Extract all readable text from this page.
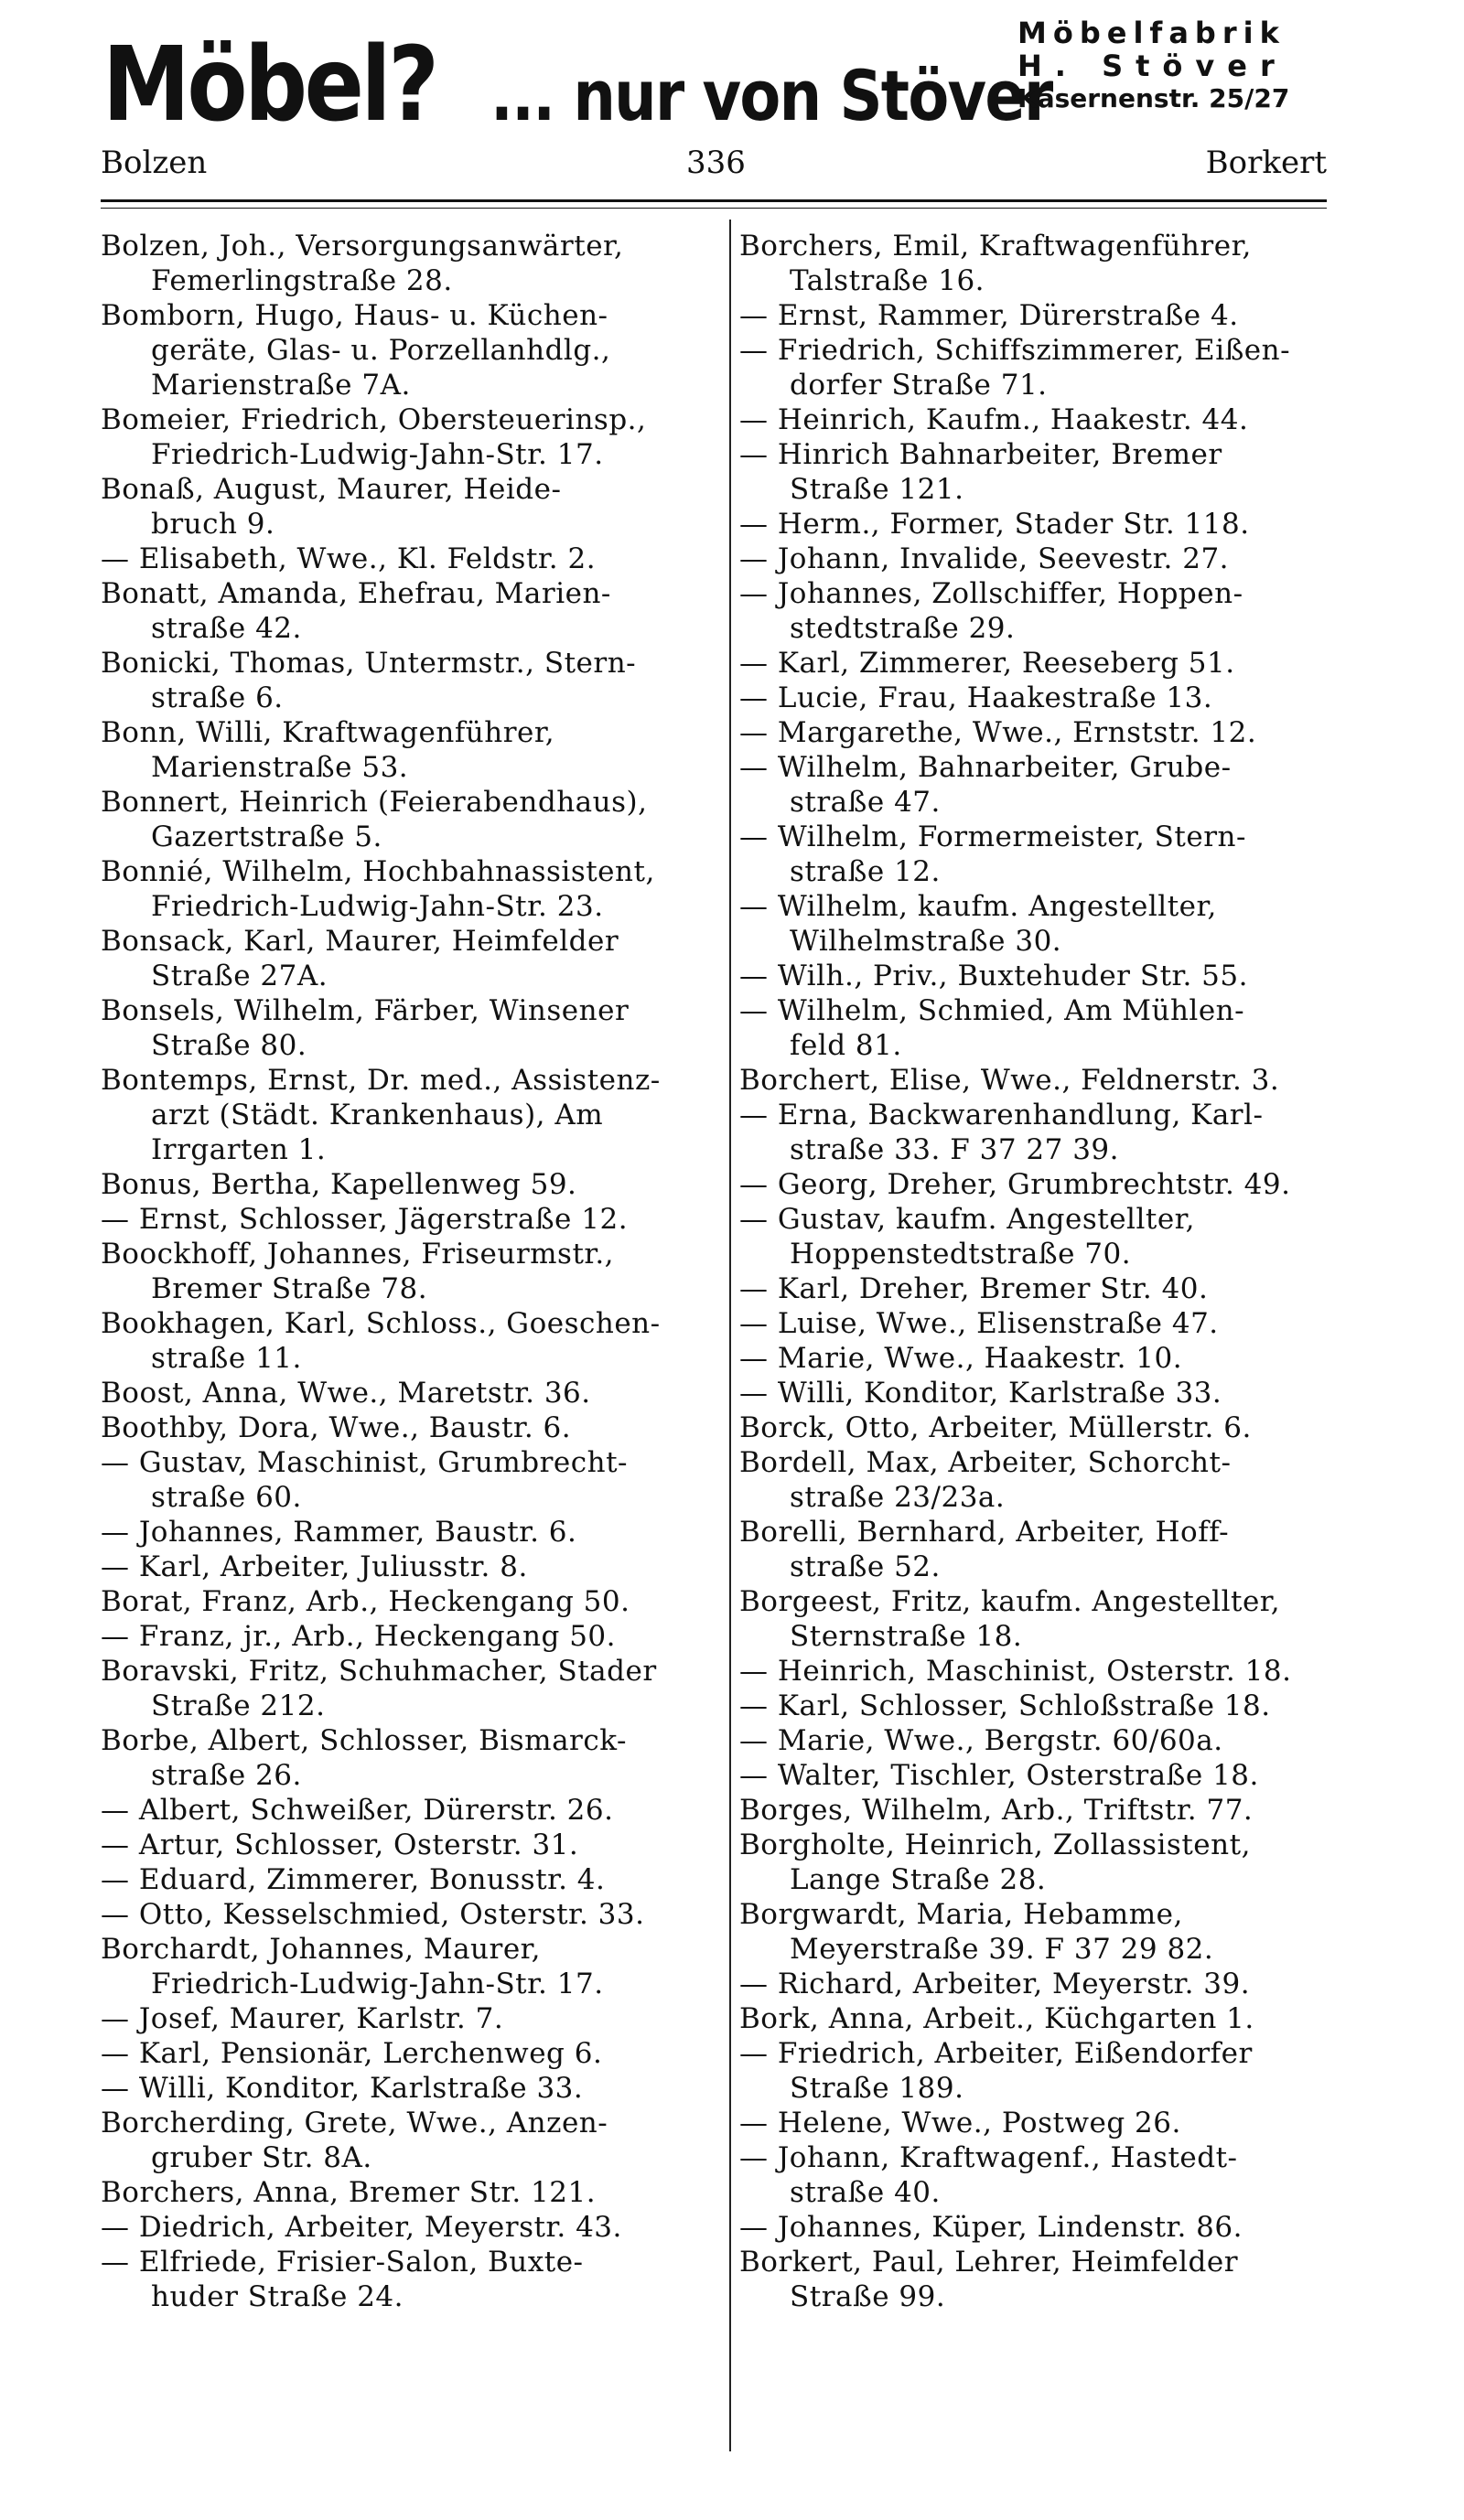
Möbel? ... nur von Stöver
Möbelfabrik
H. Stöver
Kasernenstr. 25/27
Bolzen	336	Borkert
Bolzen, Joh., Versorgungsanwärter,
Femerlingstraße 28.
Bomborn, Hugo, Haus- u. Küchen-
geräte, Glas- u. Porzellanhdlg.,
Marienstraße 7A.
Bomeier, Friedrich, Obersteuerinsp.,
Friedrich-Ludwig-Jahn-Str. 17.
Bonaß, August, Maurer, Heide-
bruch 9.
— Elisabeth, Wwe., Kl. Feldstr. 2.
Bonatt, Amanda, Ehefrau, Marien-
straße 42.
Bonicki, Thomas, Untermstr., Stern-
straße 6.
Bonn, Willi, Kraftwagenführer,
Marienstraße 53.
Bonnert, Heinrich (Feierabendhaus),
Gazertstraße 5.
Bonnié, Wilhelm, Hochbahnassistent,
Friedrich-Ludwig-Jahn-Str. 23.
Bonsack, Karl, Maurer, Heimfelder
Straße 27A.
Bonsels, Wilhelm, Färber, Winsener
Straße 80.
Bontemps, Ernst, Dr. med., Assistenz-
arzt (Städt. Krankenhaus), Am
Irrgarten 1.
Bonus, Bertha, Kapellenweg 59.
— Ernst, Schlosser, Jägerstraße 12.
Boockhoff, Johannes, Friseurmstr.,
Bremer Straße 78.
Bookhagen, Karl, Schloss., Goeschen-
straße 11.
Boost, Anna, Wwe., Maretstr. 36.
Boothby, Dora, Wwe., Baustr. 6.
— Gustav, Maschinist, Grumbrecht-
straße 60.
— Johannes, Rammer, Baustr. 6.
— Karl, Arbeiter, Juliusstr. 8.
Borat, Franz, Arb., Heckengang 50.
— Franz, jr., Arb., Heckengang 50.
Boravski, Fritz, Schuhmacher, Stader
Straße 212.
Borbe, Albert, Schlosser, Bismarck-
straße 26.
— Albert, Schweißer, Dürerstr. 26.
— Artur, Schlosser, Osterstr. 31.
— Eduard, Zimmerer, Bonusstr. 4.
— Otto, Kesselschmied, Osterstr. 33.
Borchardt, Johannes, Maurer,
Friedrich-Ludwig-Jahn-Str. 17.
— Josef, Maurer, Karlstr. 7.
— Karl, Pensionär, Lerchenweg 6.
— Willi, Konditor, Karlstraße 33.
Borcherding, Grete, Wwe., Anzen-
gruber Str. 8A.
Borchers, Anna, Bremer Str. 121.
— Diedrich, Arbeiter, Meyerstr. 43.
— Elfriede, Frisier-Salon, Buxte-
huder Straße 24.
Borchers, Emil, Kraftwagenführer,
Talstraße 16.
— Ernst, Rammer, Dürerstraße 4.
— Friedrich, Schiffszimmerer, Eißen-
dorfer Straße 71.
— Heinrich, Kaufm., Haakestr. 44.
— Hinrich Bahnarbeiter, Bremer
Straße 121.
— Herm., Former, Stader Str. 118.
— Johann, Invalide, Seevestr. 27.
— Johannes, Zollschiffer, Hoppen-
stedtstraße 29.
— Karl, Zimmerer, Reeseberg 51.
— Lucie, Frau, Haakestraße 13.
— Margarethe, Wwe., Ernststr. 12.
— Wilhelm, Bahnarbeiter, Grube-
straße 47.
— Wilhelm, Formermeister, Stern-
straße 12.
— Wilhelm, kaufm. Angestellter,
Wilhelmstraße 30.
— Wilh., Priv., Buxtehuder Str. 55.
— Wilhelm, Schmied, Am Mühlen-
feld 81.
Borchert, Elise, Wwe., Feldnerstr. 3.
— Erna, Backwarenhandlung, Karl-
straße 33. F 37 27 39.
— Georg, Dreher, Grumbrechtstr. 49.
— Gustav, kaufm. Angestellter,
Hoppenstedtstraße 70.
— Karl, Dreher, Bremer Str. 40.
— Luise, Wwe., Elisenstraße 47.
— Marie, Wwe., Haakestr. 10.
— Willi, Konditor, Karlstraße 33.
Borck, Otto, Arbeiter, Müllerstr. 6.
Bordell, Max, Arbeiter, Schorcht-
straße 23/23a.
Borelli, Bernhard, Arbeiter, Hoff-
straße 52.
Borgeest, Fritz, kaufm. Angestellter,
Sternstraße 18.
— Heinrich, Maschinist, Osterstr. 18.
— Karl, Schlosser, Schloßstraße 18.
— Marie, Wwe., Bergstr. 60/60a.
— Walter, Tischler, Osterstraße 18.
Borges, Wilhelm, Arb., Triftstr. 77.
Borgholte, Heinrich, Zollassistent,
Lange Straße 28.
Borgwardt, Maria, Hebamme,
Meyerstraße 39. F 37 29 82.
— Richard, Arbeiter, Meyerstr. 39.
Bork, Anna, Arbeit., Küchgarten 1.
— Friedrich, Arbeiter, Eißendorfer
Straße 189.
— Helene, Wwe., Postweg 26.
— Johann, Kraftwagenf., Hastedt-
straße 40.
— Johannes, Küper, Lindenstr. 86.
Borkert, Paul, Lehrer, Heimfelder
Straße 99.
